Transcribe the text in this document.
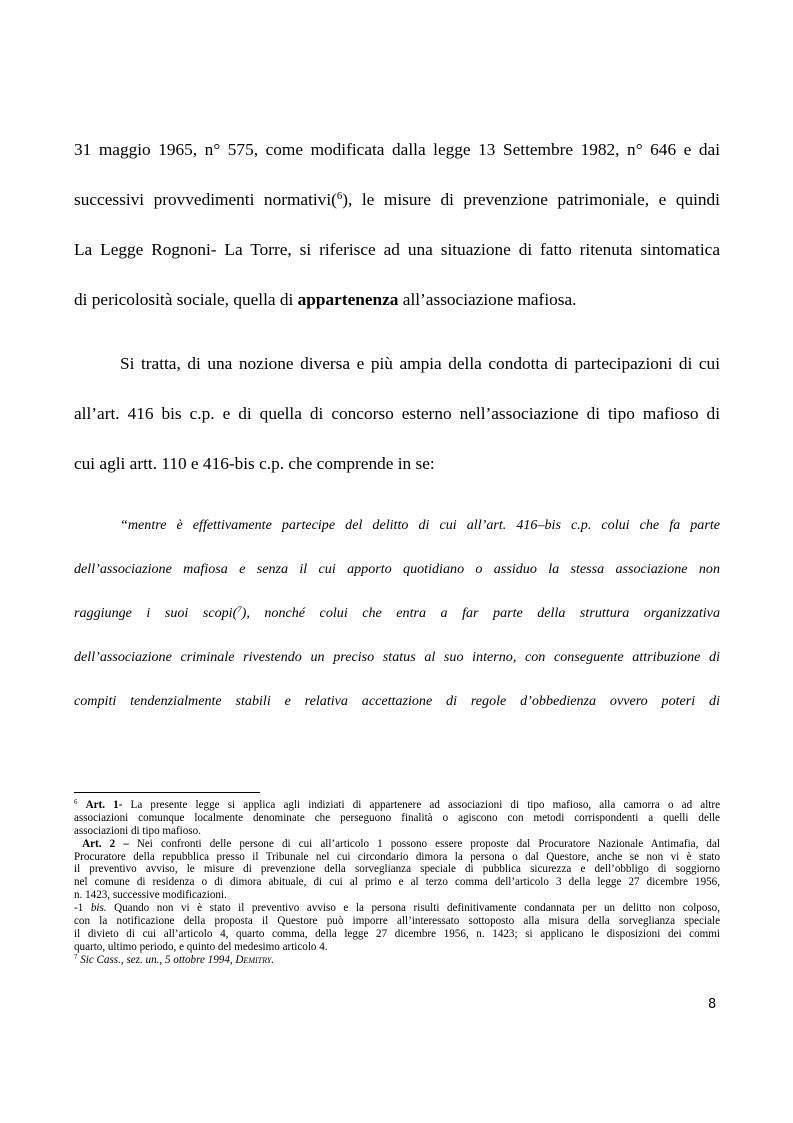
31 maggio 1965, n° 575, come modificata dalla legge 13 Settembre 1982, n° 646 e dai
successivi provvedimenti normativi($^6$), le misure di prevenzione patrimoniale, e quindi
La Legge Rognoni- La Torre, si riferisce ad una situazione di fatto ritenuta sintomatica
di pericolosità sociale, quella di appartenenza all’associazione mafiosa.

Si tratta, di una nozione diversa e più ampia della condotta di partecipazioni di cui
all’art. 416 bis c.p. e di quella di concorso esterno nell’associazione di tipo mafioso di
cui agli artt. 110 e 416-bis c.p. che comprende in se:

“mentre è effettivamente partecipe del delitto di cui all’art. 416–bis c.p. colui che fa parte
dell’associazione mafiosa e senza il cui apporto quotidiano o assiduo la stessa associazione non
raggiunge i suoi scopi($^7$), nonché colui che entra a far parte della struttura organizzativa
dell’associazione criminale rivestendo un preciso status al suo interno, con conseguente attribuzione di
compiti tendenzialmente stabili e relativa accettazione di regole d’obbedienza ovvero poteri di

$^6$ Art. 1- La presente legge si applica agli indiziati di appartenere ad associazioni di tipo mafioso, alla camorra o ad altre
associazioni comunque localmente denominate che perseguono finalità o agiscono con metodi corrispondenti a quelli delle
associazioni di tipo mafioso.
Art. 2 – Nei confronti delle persone di cui all’articolo 1 possono essere proposte dal Procuratore Nazionale Antimafia, dal
Procuratore della repubblica presso il Tribunale nel cui circondario dimora la persona o dal Questore, anche se non vi è stato
il preventivo avviso, le misure di prevenzione della sorveglianza speciale di pubblica sicurezza e dell’obbligo di soggiorno
nel comune di residenza o di dimora abituale, di cui al primo e al terzo comma dell’articolo 3 della legge 27 dicembre 1956,
n. 1423, successive modificazioni.
-1 bis. Quando non vi è stato il preventivo avviso e la persona risulti definitivamente condannata per un delitto non colposo,
con la notificazione della proposta il Questore può imporre all’interessato sottoposto alla misura della sorveglianza speciale
il divieto di cui all’articolo 4, quarto comma, della legge 27 dicembre 1956, n. 1423; si applicano le disposizioni dei commi
quarto, ultimo periodo, e quinto del medesimo articolo 4.
$^7$ Sic Cass., sez. un., 5 ottobre 1994, Demitry.
8
